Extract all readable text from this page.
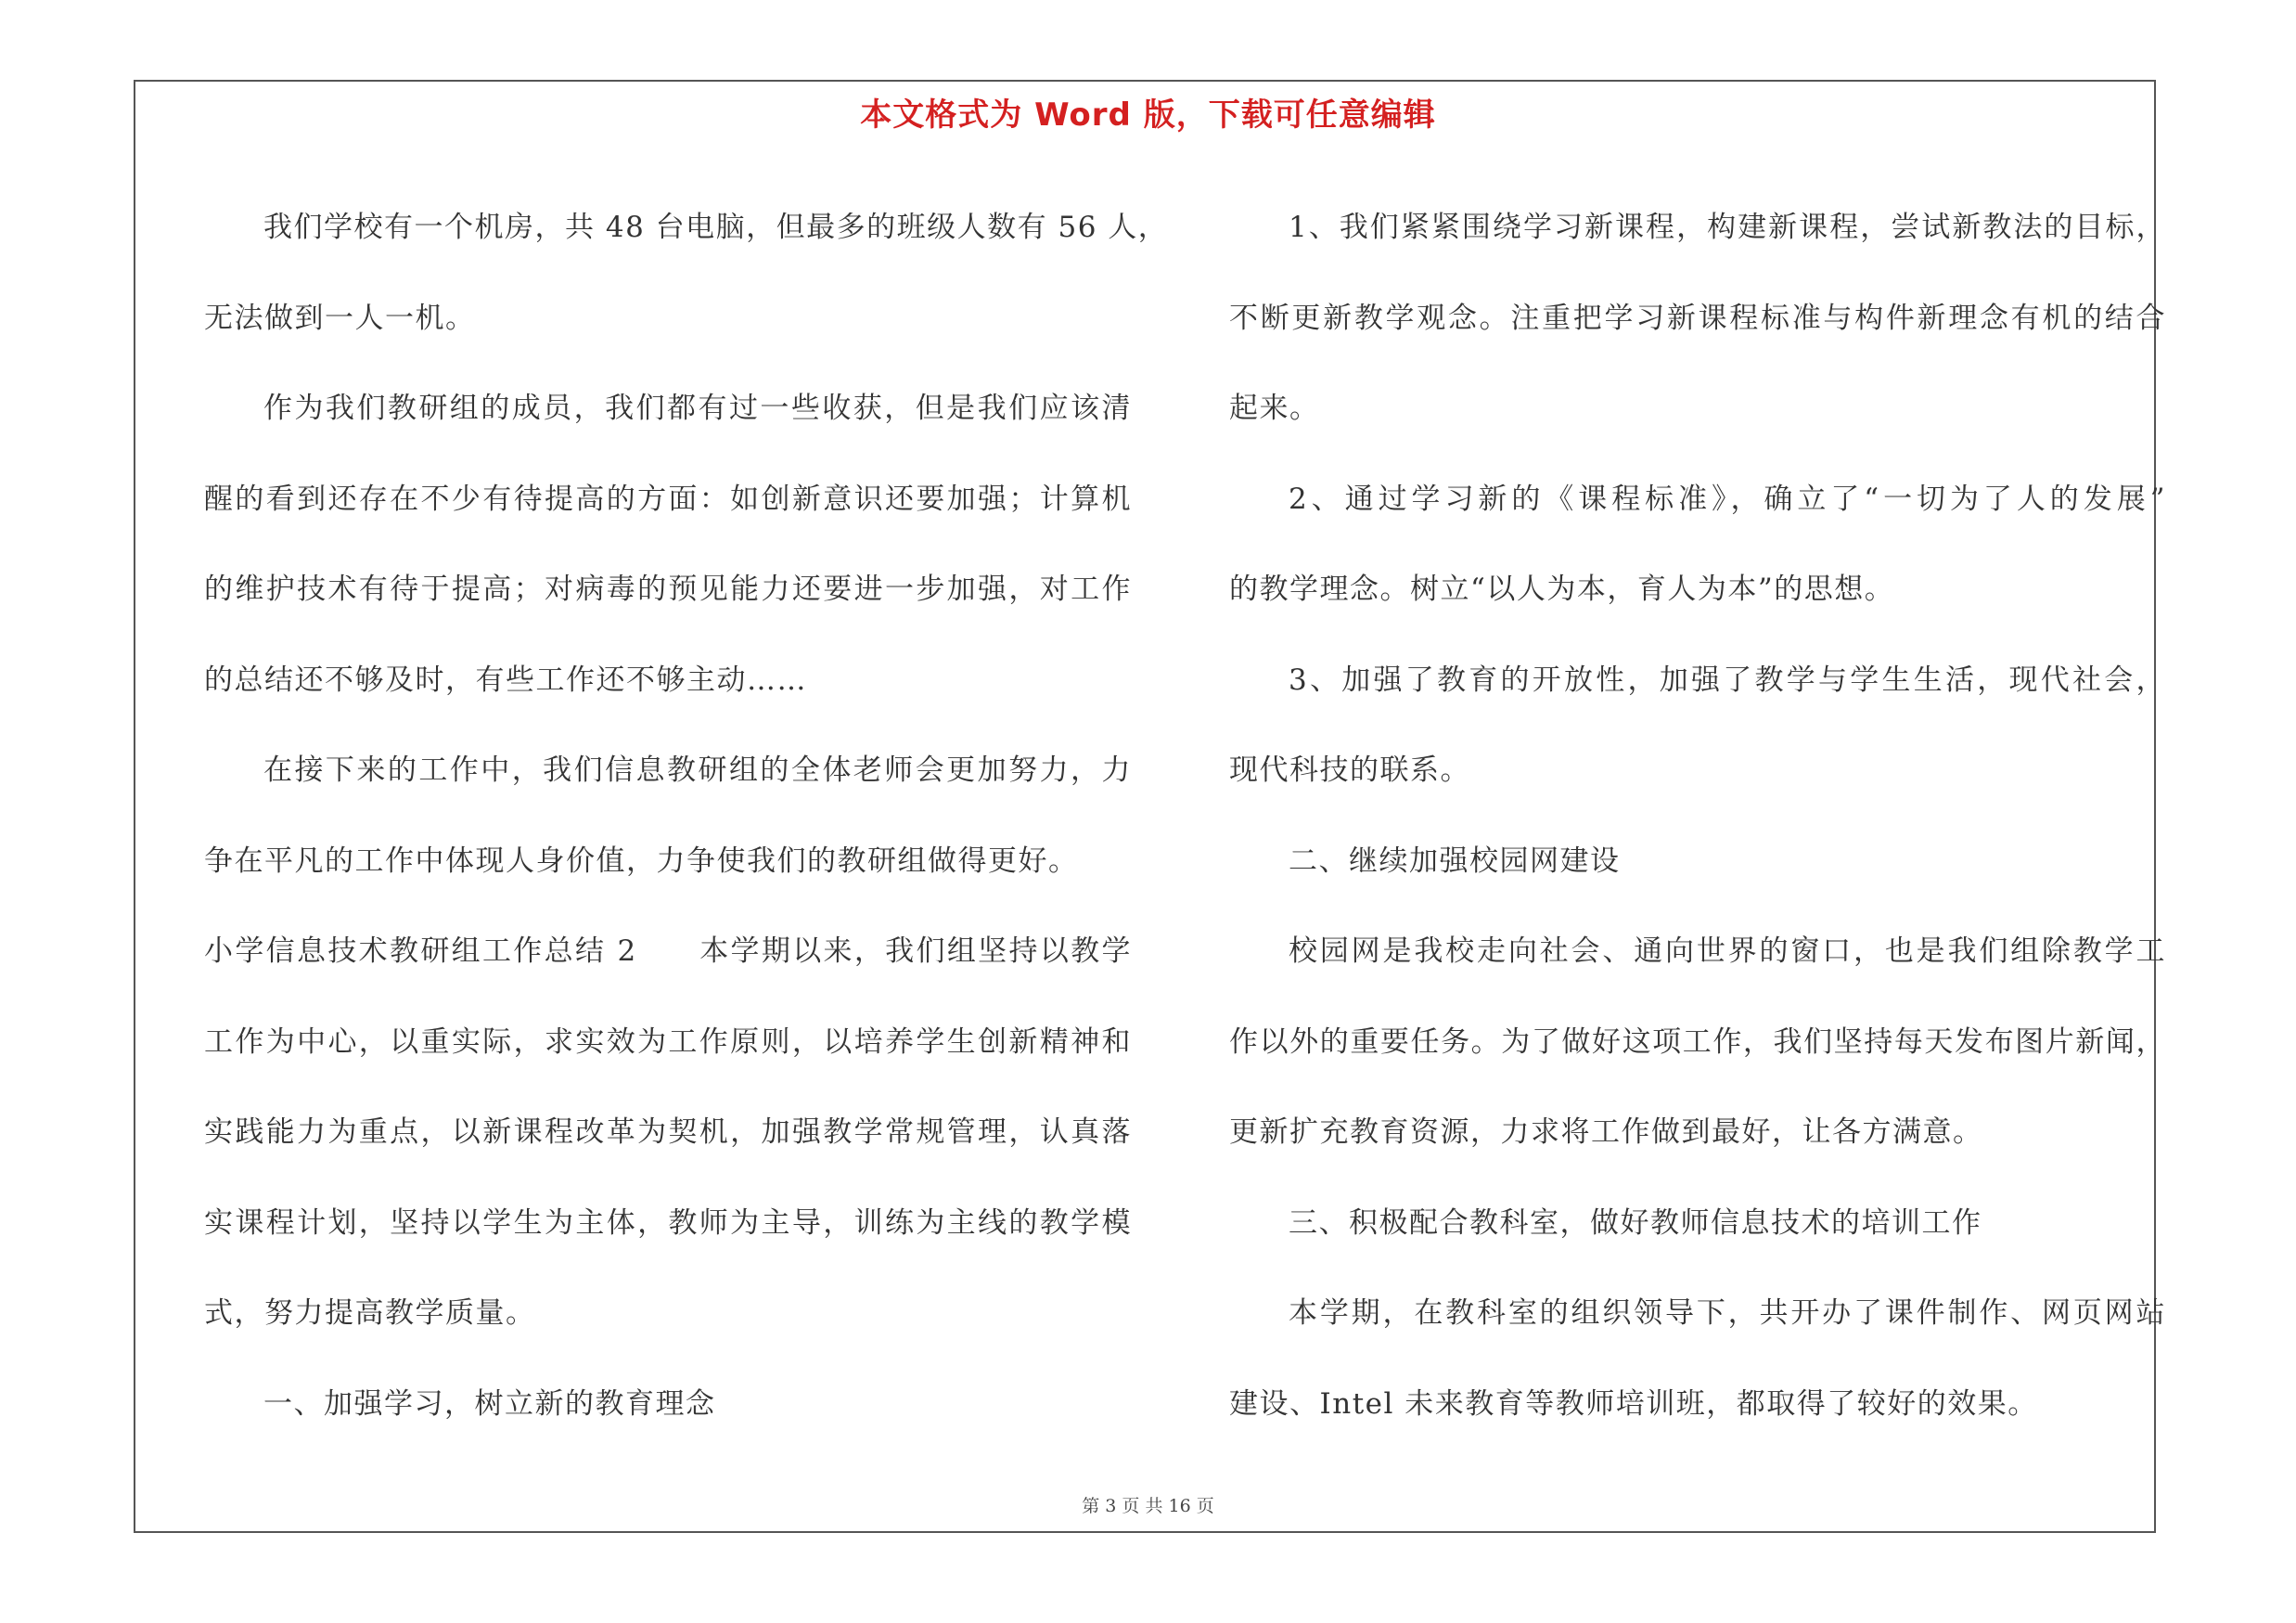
本文格式为 Word 版，下载可任意编辑
我们学校有一个机房，共 48 台电脑，但最多的班级人数有 56 人，
无法做到一人一机。
作为我们教研组的成员，我们都有过一些收获，但是我们应该清
醒的看到还存在不少有待提高的方面：如创新意识还要加强；计算机
的维护技术有待于提高；对病毒的预见能力还要进一步加强，对工作
的总结还不够及时，有些工作还不够主动……
在接下来的工作中，我们信息教研组的全体老师会更加努力，力
争在平凡的工作中体现人身价值，力争使我们的教研组做得更好。
小学信息技术教研组工作总结 2　　本学期以来，我们组坚持以教学
工作为中心，以重实际，求实效为工作原则，以培养学生创新精神和
实践能力为重点，以新课程改革为契机，加强教学常规管理，认真落
实课程计划，坚持以学生为主体，教师为主导，训练为主线的教学模
式，努力提高教学质量。
一、加强学习，树立新的教育理念
1、我们紧紧围绕学习新课程，构建新课程，尝试新教法的目标，
不断更新教学观念。注重把学习新课程标准与构件新理念有机的结合
起来。
2、通过学习新的《课程标准》，确立了“一切为了人的发展”
的教学理念。树立“以人为本，育人为本”的思想。
3、加强了教育的开放性，加强了教学与学生生活，现代社会，
现代科技的联系。
二、继续加强校园网建设
校园网是我校走向社会、通向世界的窗口，也是我们组除教学工
作以外的重要任务。为了做好这项工作，我们坚持每天发布图片新闻，
更新扩充教育资源，力求将工作做到最好，让各方满意。
三、积极配合教科室，做好教师信息技术的培训工作
本学期，在教科室的组织领导下，共开办了课件制作、网页网站
建设、Intel 未来教育等教师培训班，都取得了较好的效果。
第 3 页 共 16 页
